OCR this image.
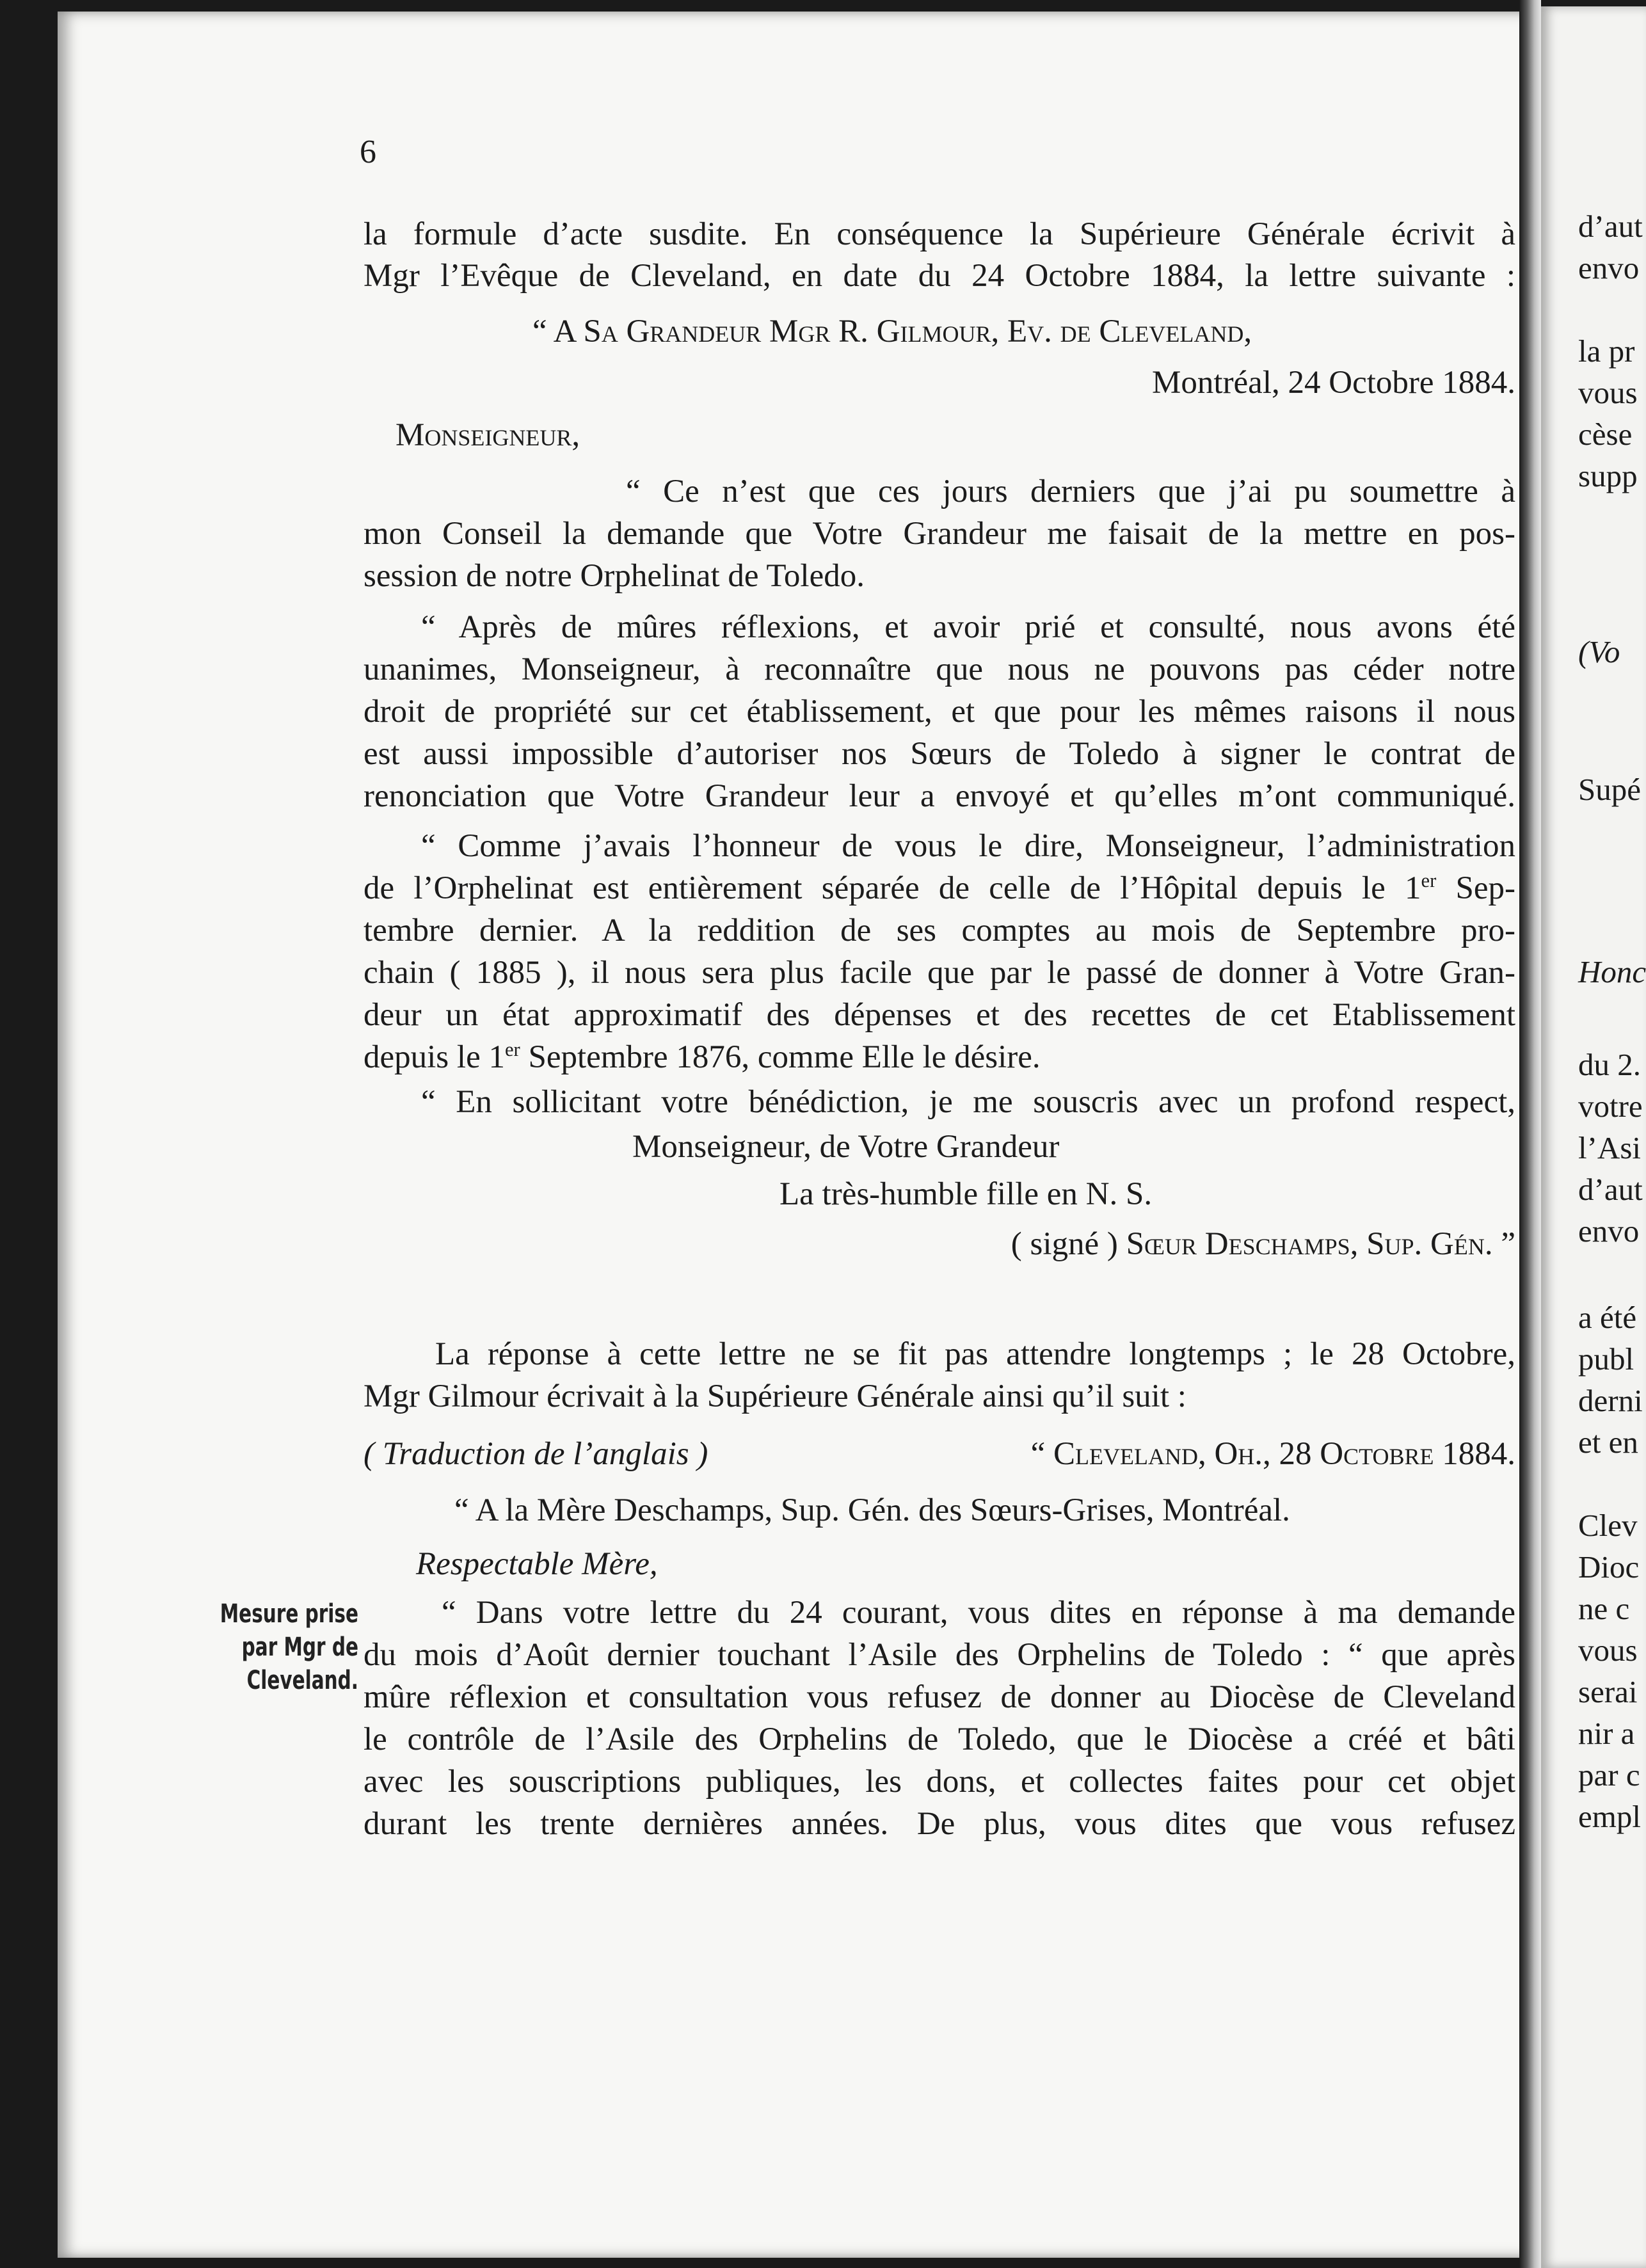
6
la formule d’acte susdite. En conséquence la Supérieure Générale écrivit à
Mgr l’Evêque de Cleveland, en date du 24 Octobre 1884, la lettre suivante :
“ A Sa Grandeur Mgr R. Gilmour, Ev. de Cleveland,
Montréal, 24 Octobre 1884.
Monseigneur,
“ Ce n’est que ces jours derniers que j’ai pu soumettre à
mon Conseil la demande que Votre Grandeur me faisait de la mettre en pos-
session de notre Orphelinat de Toledo.
“ Après de mûres réflexions, et avoir prié et consulté, nous avons été
unanimes, Monseigneur, à reconnaître que nous ne pouvons pas céder notre
droit de propriété sur cet établissement, et que pour les mêmes raisons il nous
est aussi impossible d’autoriser nos Sœurs de Toledo à signer le contrat de
renonciation que Votre Grandeur leur a envoyé et qu’elles m’ont communiqué.
“ Comme j’avais l’honneur de vous le dire, Monseigneur, l’administration
de l’Orphelinat est entièrement séparée de celle de l’Hôpital depuis le 1er Sep-
tembre dernier. A la reddition de ses comptes au mois de Septembre pro-
chain ( 1885 ), il nous sera plus facile que par le passé de donner à Votre Gran-
deur un état approximatif des dépenses et des recettes de cet Etablissement
depuis le 1er Septembre 1876, comme Elle le désire.
“ En sollicitant votre bénédiction, je me souscris avec un profond respect,
Monseigneur, de Votre Grandeur
La très-humble fille en N. S.
( signé ) Sœur Deschamps, Sup. Gén. ”
La réponse à cette lettre ne se fit pas attendre longtemps ; le 28 Octobre,
Mgr Gilmour écrivait à la Supérieure Générale ainsi qu’il suit :
( Traduction de l’anglais )	“ Cleveland, Oh., 28 Octobre 1884.
“ A la Mère Deschamps, Sup. Gén. des Sœurs-Grises, Montréal.
Respectable Mère,
“ Dans votre lettre du 24 courant, vous dites en réponse à ma demande
du mois d’Août dernier touchant l’Asile des Orphelins de Toledo : “ que après
mûre réflexion et consultation vous refusez de donner au Diocèse de Cleveland
le contrôle de l’Asile des Orphelins de Toledo, que le Diocèse a créé et bâti
avec les souscriptions publiques, les dons, et collectes faites pour cet objet
durant les trente dernières années. De plus, vous dites que vous refusez
Mesure prise
par Mgr de
Cleveland.
d’aut
envo
la pr
vous
cèse
supp
(Vo
Supé
Honc
du 2.
votre
l’Asi
d’aut
envo
a été
publ
derni
et en
Clev
Dioc
ne c
vous
serai
nir a
par c
empl
